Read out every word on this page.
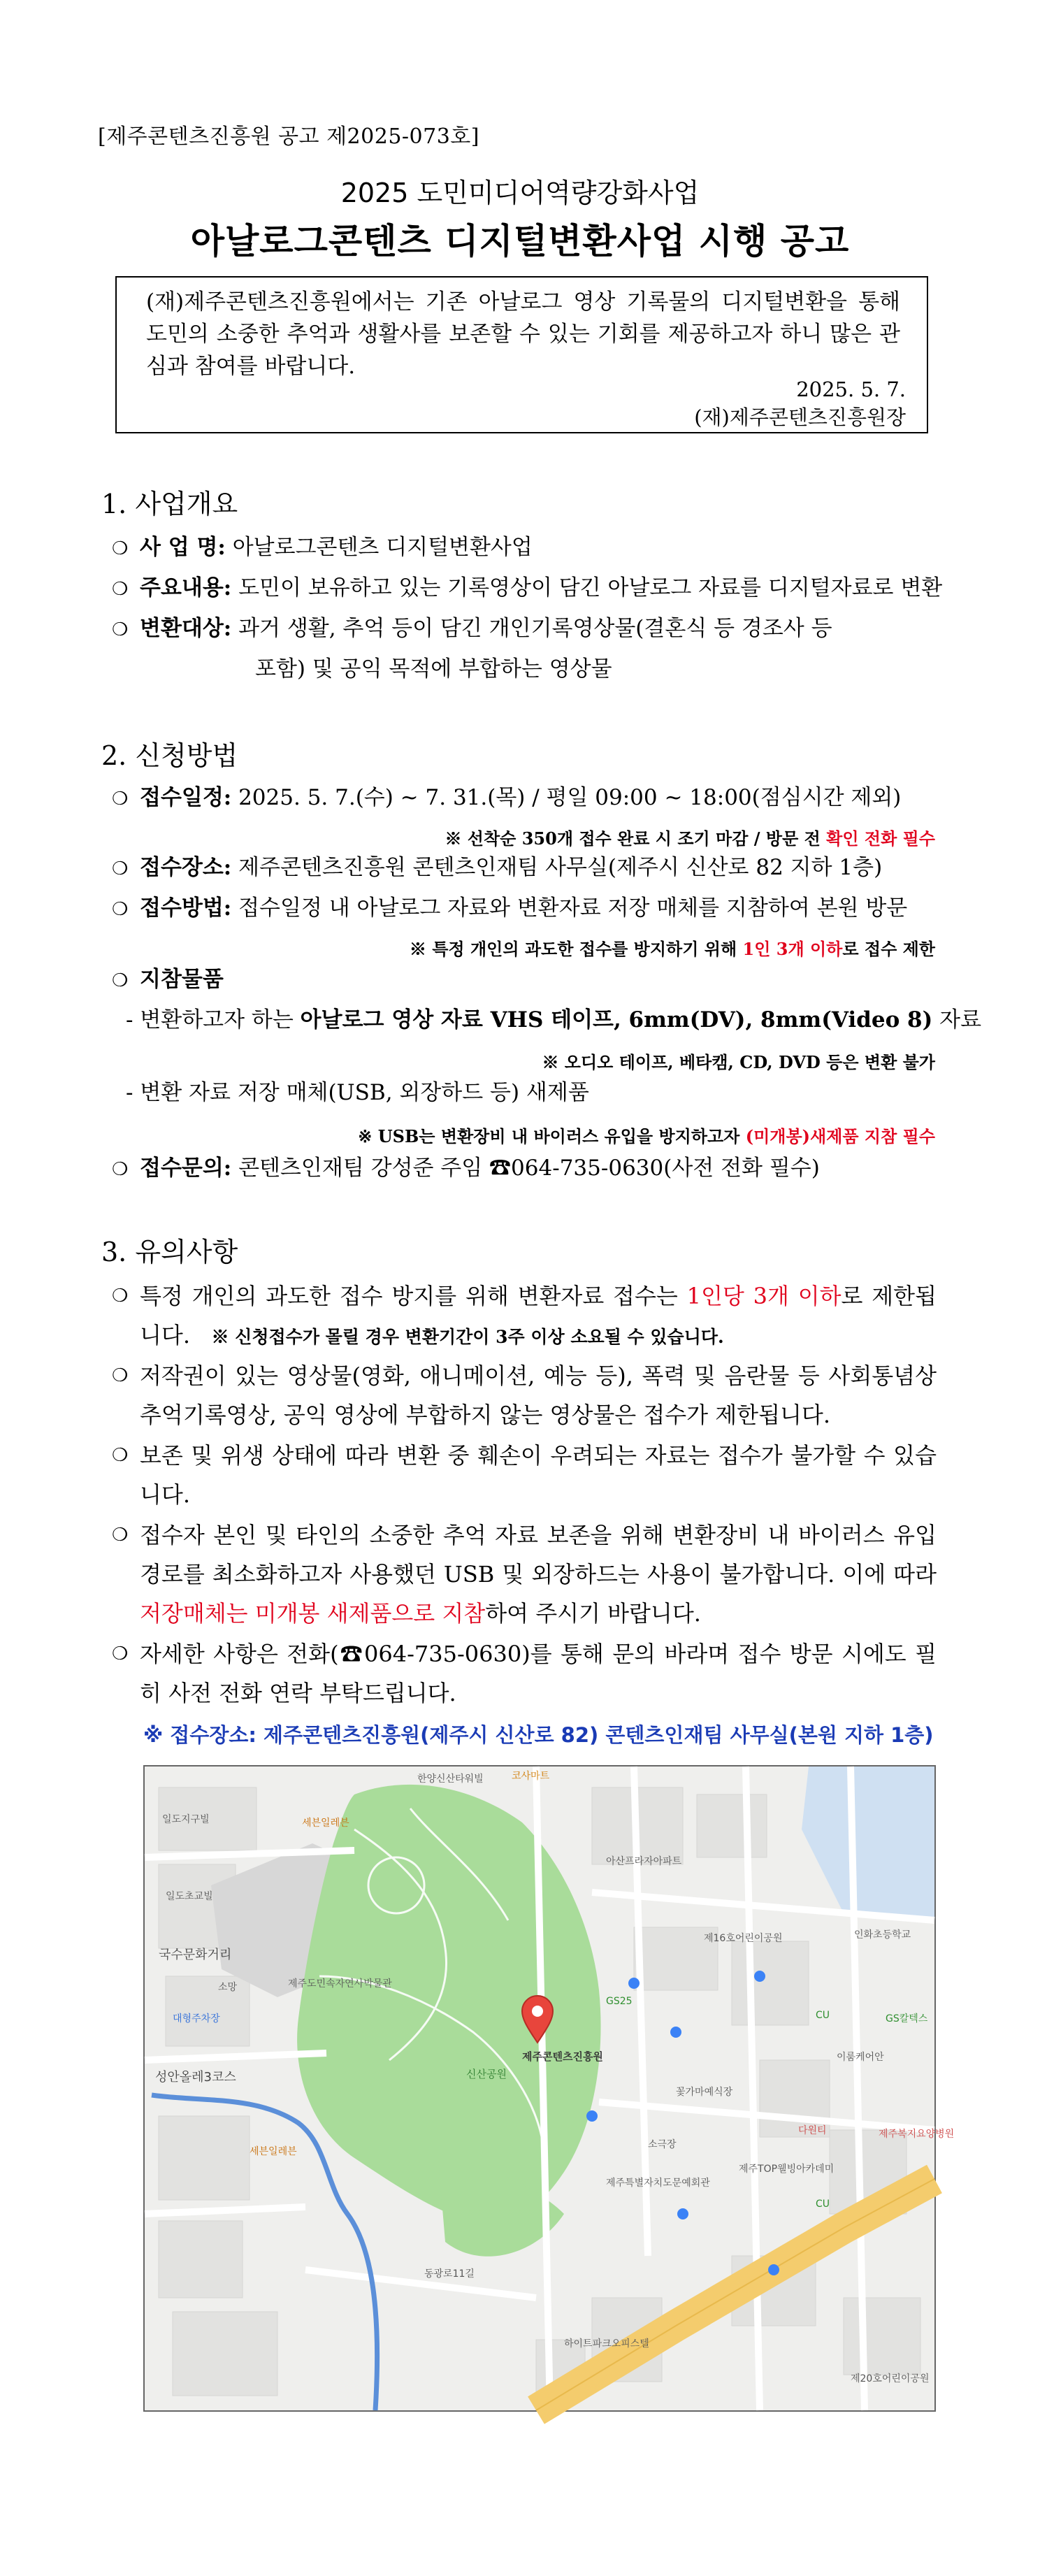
[제주콘텐츠진흥원 공고 제2025-073호]
2025 도민미디어역량강화사업
아날로그콘텐츠 디지털변환사업 시행 공고
(재)제주콘텐츠진흥원에서는 기존 아날로그 영상 기록물의 디지털변환을 통해 도민의 소중한 추억과 생활사를 보존할 수 있는 기회를 제공하고자 하니 많은 관심과 참여를 바랍니다.
2025. 5. 7.
(재)제주콘텐츠진흥원장
1. 사업개요
❍ 사 업 명: 아날로그콘텐츠 디지털변환사업
❍ 주요내용: 도민이 보유하고 있는 기록영상이 담긴 아날로그 자료를 디지털자료로 변환
❍ 변환대상: 과거 생활, 추억 등이 담긴 개인기록영상물(결혼식 등 경조사 등
포함) 및 공익 목적에 부합하는 영상물
2. 신청방법
❍ 접수일정: 2025. 5. 7.(수) ~ 7. 31.(목) / 평일 09:00 ~ 18:00(점심시간 제외)
※ 선착순 350개 접수 완료 시 조기 마감 / 방문 전 확인 전화 필수
❍ 접수장소: 제주콘텐츠진흥원 콘텐츠인재팀 사무실(제주시 신산로 82 지하 1층)
❍ 접수방법: 접수일정 내 아날로그 자료와 변환자료 저장 매체를 지참하여 본원 방문
※ 특정 개인의 과도한 접수를 방지하기 위해 1인 3개 이하로 접수 제한
❍ 지참물품
- 변환하고자 하는 아날로그 영상 자료 VHS 테이프, 6mm(DV), 8mm(Video 8) 자료
※ 오디오 테이프, 베타캠, CD, DVD 등은 변환 불가
- 변환 자료 저장 매체(USB, 외장하드 등) 새제품
※ USB는 변환장비 내 바이러스 유입을 방지하고자 (미개봉)새제품 지참 필수
❍ 접수문의: 콘텐츠인재팀 강성준 주임 ☎064-735-0630(사전 전화 필수)
3. 유의사항
❍ 특정 개인의 과도한 접수 방지를 위해 변환자료 접수는 1인당 3개 이하로 제한됩니다. ※ 신청접수가 몰릴 경우 변환기간이 3주 이상 소요될 수 있습니다.
❍ 저작권이 있는 영상물(영화, 애니메이션, 예능 등), 폭력 및 음란물 등 사회통념상 추억기록영상, 공익 영상에 부합하지 않는 영상물은 접수가 제한됩니다.
❍ 보존 및 위생 상태에 따라 변환 중 훼손이 우려되는 자료는 접수가 불가할 수 있습니다.
❍ 접수자 본인 및 타인의 소중한 추억 자료 보존을 위해 변환장비 내 바이러스 유입 경로를 최소화하고자 사용했던 USB 및 외장하드는 사용이 불가합니다. 이에 따라 저장매체는 미개봉 새제품으로 지참하여 주시기 바랍니다.
❍ 자세한 사항은 전화(☎064-735-0630)를 통해 문의 바라며 접수 방문 시에도 필히 사전 전화 연락 부탁드립니다.
※ 접수장소: 제주콘텐츠진흥원(제주시 신산로 82) 콘텐츠인재팀 사무실(본원 지하 1층)
코사마트
한양신산타워빌
일도지구빌	세븐일레븐
아산프라자아파트
국수문화거리
제주도민속자연사박물관
소망
대형주차장
일도초교빌
제16호어린이공원	인화초등학교
GS25
CU	GS칼텍스
성안올레3코스
이룸케어안
꽃가마예식장
다원티	제주복지요양병원
세븐일레븐
소극장
제주TOP웰빙아카데미
제주특별자치도문예회관
CU
동광로11길
하이트파크오피스텔
제20호어린이공원
신산공원
제주콘텐츠진흥원
